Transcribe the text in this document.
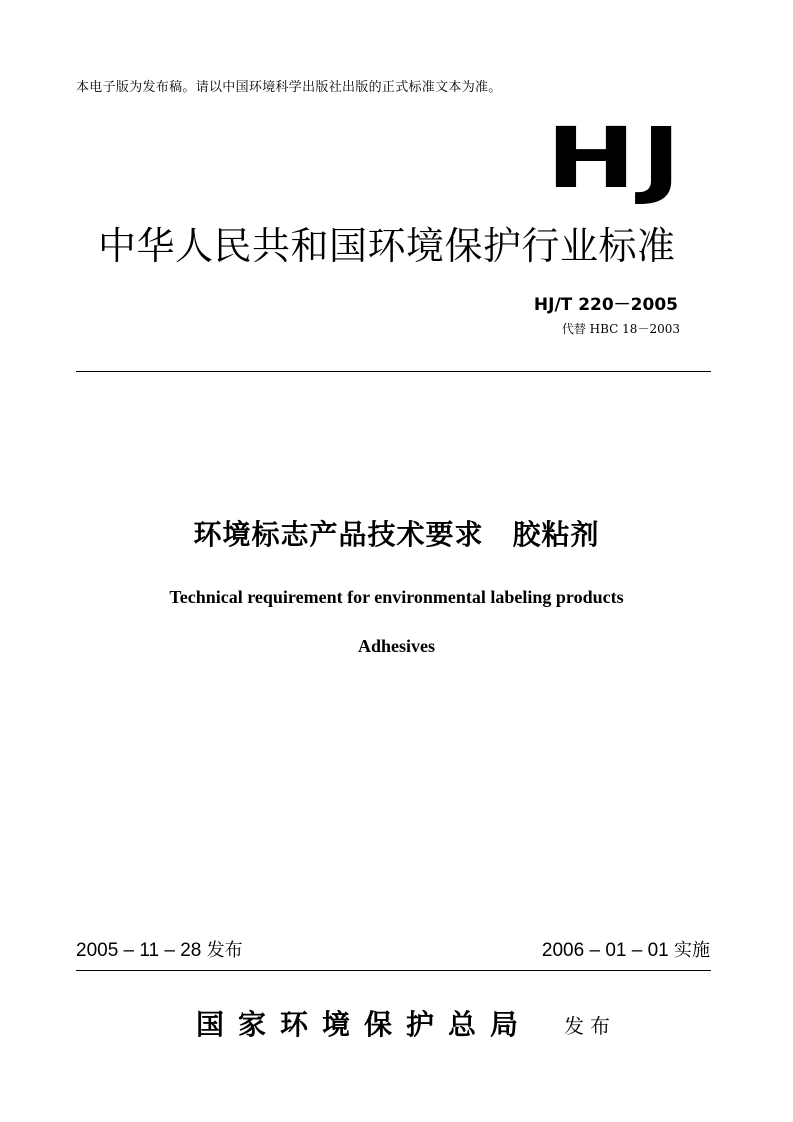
本电子版为发布稿。请以中国环境科学出版社出版的正式标准文本为准。
HJ
中华人民共和国环境保护行业标准
HJ/T 220－2005
代替 HBC 18－2003
环境标志产品技术要求　胶粘剂
Technical requirement for environmental labeling products
Adhesives
2005 – 11 – 28 发布	2006 – 01 – 01 实施
国家环境保护总局 发布
